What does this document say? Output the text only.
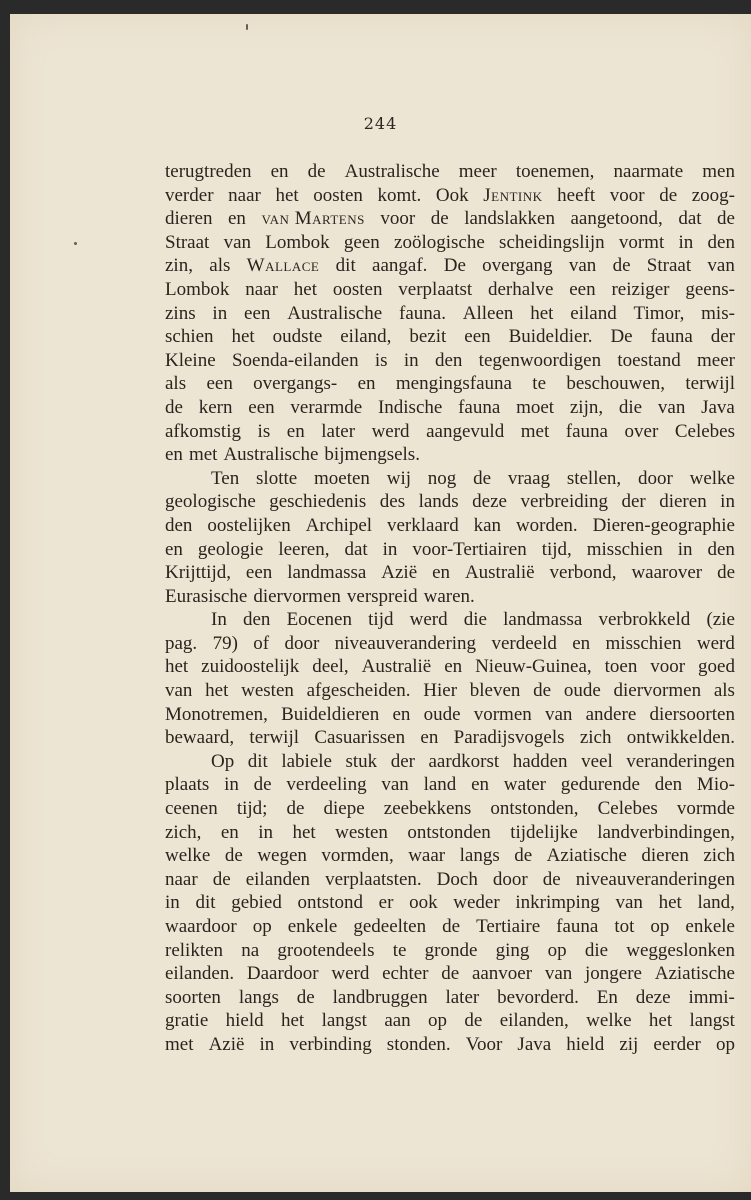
244
terugtreden en de Australische meer toenemen, naarmate men
verder naar het oosten komt. Ook Jentink heeft voor de zoog-
dieren en van Martens voor de landslakken aangetoond, dat de
Straat van Lombok geen zoölogische scheidingslijn vormt in den
zin, als Wallace dit aangaf. De overgang van de Straat van
Lombok naar het oosten verplaatst derhalve een reiziger geens-
zins in een Australische fauna. Alleen het eiland Timor, mis-
schien het oudste eiland, bezit een Buideldier. De fauna der
Kleine Soenda-eilanden is in den tegenwoordigen toestand meer
als een overgangs- en mengingsfauna te beschouwen, terwijl
de kern een verarmde Indische fauna moet zijn, die van Java
afkomstig is en later werd aangevuld met fauna over Celebes
en met Australische bijmengsels.
Ten slotte moeten wij nog de vraag stellen, door welke
geologische geschiedenis des lands deze verbreiding der dieren in
den oostelijken Archipel verklaard kan worden. Dieren-geographie
en geologie leeren, dat in voor-Tertiairen tijd, misschien in den
Krijttijd, een landmassa Azië en Australië verbond, waarover de
Eurasische diervormen verspreid waren.
In den Eocenen tijd werd die landmassa verbrokkeld (zie
pag. 79) of door niveauverandering verdeeld en misschien werd
het zuidoostelijk deel, Australië en Nieuw-Guinea, toen voor goed
van het westen afgescheiden. Hier bleven de oude diervormen als
Monotremen, Buideldieren en oude vormen van andere diersoorten
bewaard, terwijl Casuarissen en Paradijsvogels zich ontwikkelden.
Op dit labiele stuk der aardkorst hadden veel veranderingen
plaats in de verdeeling van land en water gedurende den Mio-
ceenen tijd; de diepe zeebekkens ontstonden, Celebes vormde
zich, en in het westen ontstonden tijdelijke landverbindingen,
welke de wegen vormden, waar langs de Aziatische dieren zich
naar de eilanden verplaatsten. Doch door de niveauveranderingen
in dit gebied ontstond er ook weder inkrimping van het land,
waardoor op enkele gedeelten de Tertiaire fauna tot op enkele
relikten na grootendeels te gronde ging op die weggeslonken
eilanden. Daardoor werd echter de aanvoer van jongere Aziatische
soorten langs de landbruggen later bevorderd. En deze immi-
gratie hield het langst aan op de eilanden, welke het langst
met Azië in verbinding stonden. Voor Java hield zij eerder op
